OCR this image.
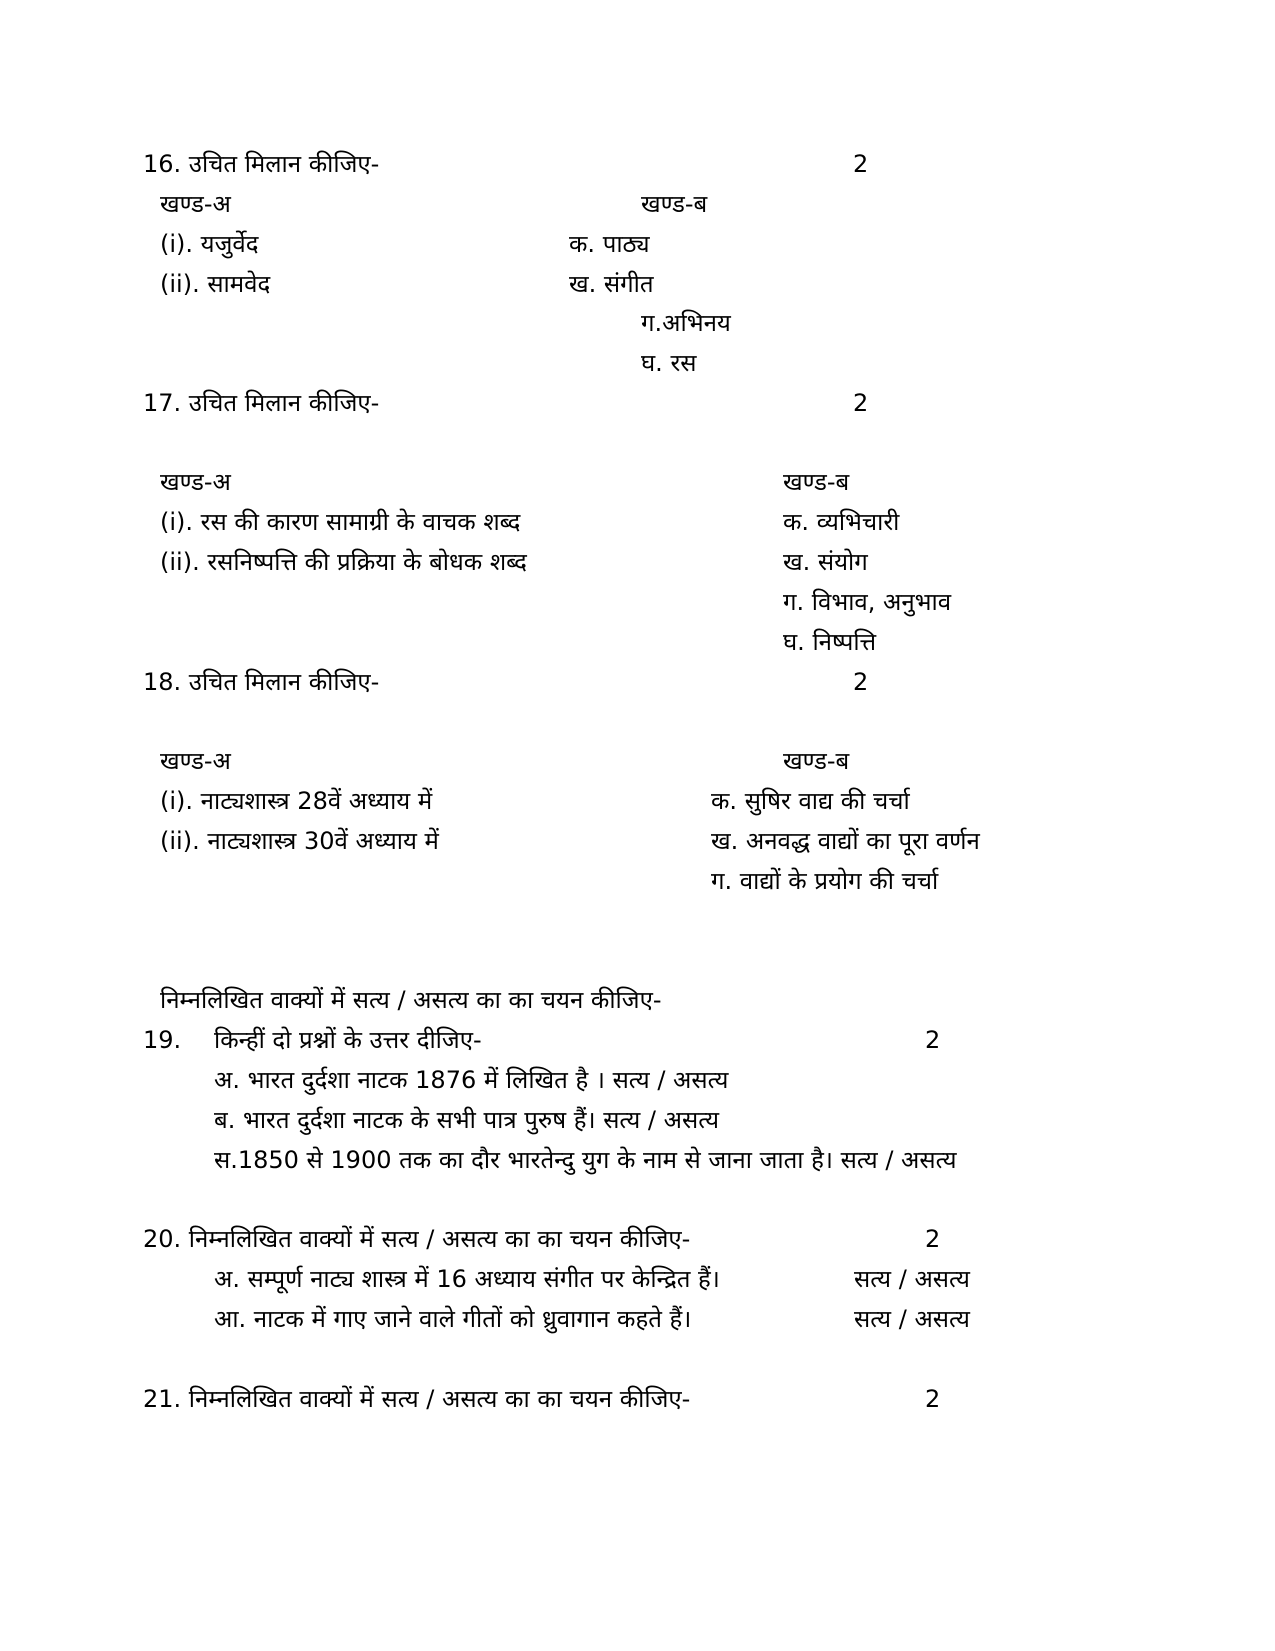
16. उचित मिलान कीजिए-	2
खण्ड-अ	खण्ड-ब
(i). यजुर्वेद	क. पाठ्य
(ii). सामवेद	ख. संगीत
ग.अभिनय
घ. रस
17. उचित मिलान कीजिए-	2
खण्ड-अ	खण्ड-ब
(i). रस की कारण सामाग्री के वाचक शब्द	क. व्यभिचारी
(ii). रसनिष्पत्ति की प्रक्रिया के बोधक शब्द	ख. संयोग
ग. विभाव, अनुभाव
घ. निष्पत्ति
18. उचित मिलान कीजिए-	2
खण्ड-अ	खण्ड-ब
(i). नाट्यशास्त्र 28वें अध्याय में	क. सुषिर वाद्य की चर्चा
(ii). नाट्यशास्त्र 30वें अध्याय में	ख. अनवद्ध वाद्यों का पूरा वर्णन
ग. वाद्यों के प्रयोग की चर्चा
निम्नलिखित वाक्यों में सत्य / असत्य का का चयन कीजिए-
19. किन्हीं दो प्रश्नों के उत्तर दीजिए-	2
अ. भारत दुर्दशा नाटक 1876 में लिखित है । सत्य / असत्य
ब. भारत दुर्दशा नाटक के सभी पात्र पुरुष हैं। सत्य / असत्य
स.1850 से 1900 तक का दौर भारतेन्दु युग के नाम से जाना जाता है। सत्य / असत्य
20. निम्नलिखित वाक्यों में सत्य / असत्य का का चयन कीजिए-	2
अ. सम्पूर्ण नाट्य शास्त्र में 16 अध्याय संगीत पर केन्द्रित हैं।	सत्य / असत्य
आ. नाटक में गाए जाने वाले गीतों को ध्रुवागान कहते हैं।	सत्य / असत्य
21. निम्नलिखित वाक्यों में सत्य / असत्य का का चयन कीजिए-	2
